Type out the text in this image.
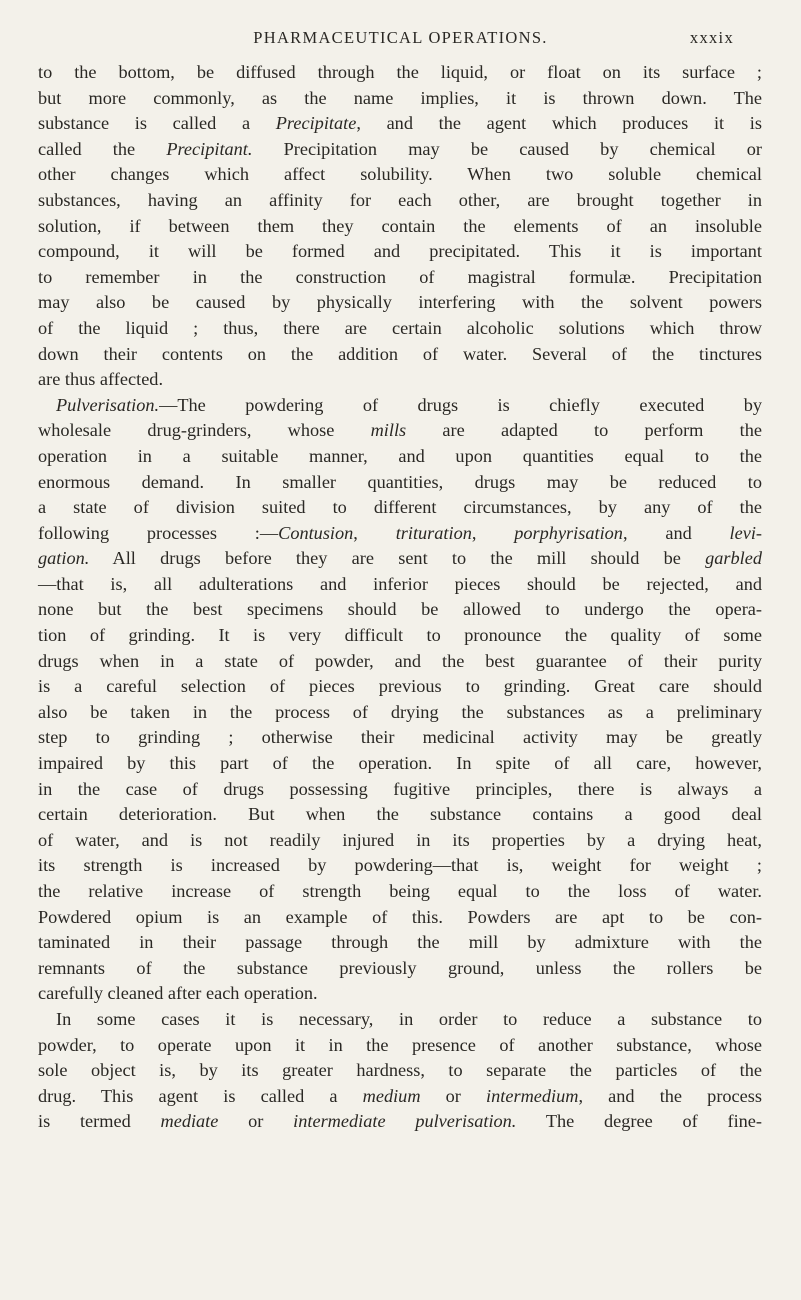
PHARMACEUTICAL OPERATIONS.	xxxix
to the bottom, be diffused through the liquid, or float on its surface ;
but more commonly, as the name implies, it is thrown down. The
substance is called a Precipitate, and the agent which produces it is
called the Precipitant. Precipitation may be caused by chemical or
other changes which affect solubility. When two soluble chemical
substances, having an affinity for each other, are brought together in
solution, if between them they contain the elements of an insoluble
compound, it will be formed and precipitated. This it is important
to remember in the construction of magistral formulæ. Precipitation
may also be caused by physically interfering with the solvent powers
of the liquid ; thus, there are certain alcoholic solutions which throw
down their contents on the addition of water. Several of the tinctures
are thus affected.
Pulverisation.—The powdering of drugs is chiefly executed by
wholesale drug-grinders, whose mills are adapted to perform the
operation in a suitable manner, and upon quantities equal to the
enormous demand. In smaller quantities, drugs may be reduced to
a state of division suited to different circumstances, by any of the
following processes :—Contusion, trituration, porphyrisation, and levi-
gation. All drugs before they are sent to the mill should be garbled
—that is, all adulterations and inferior pieces should be rejected, and
none but the best specimens should be allowed to undergo the opera-
tion of grinding. It is very difficult to pronounce the quality of some
drugs when in a state of powder, and the best guarantee of their purity
is a careful selection of pieces previous to grinding. Great care should
also be taken in the process of drying the substances as a preliminary
step to grinding ; otherwise their medicinal activity may be greatly
impaired by this part of the operation. In spite of all care, however,
in the case of drugs possessing fugitive principles, there is always a
certain deterioration. But when the substance contains a good deal
of water, and is not readily injured in its properties by a drying heat,
its strength is increased by powdering—that is, weight for weight ;
the relative increase of strength being equal to the loss of water.
Powdered opium is an example of this. Powders are apt to be con-
taminated in their passage through the mill by admixture with the
remnants of the substance previously ground, unless the rollers be
carefully cleaned after each operation.
In some cases it is necessary, in order to reduce a substance to
powder, to operate upon it in the presence of another substance, whose
sole object is, by its greater hardness, to separate the particles of the
drug. This agent is called a medium or intermedium, and the process
is termed mediate or intermediate pulverisation. The degree of fine-
